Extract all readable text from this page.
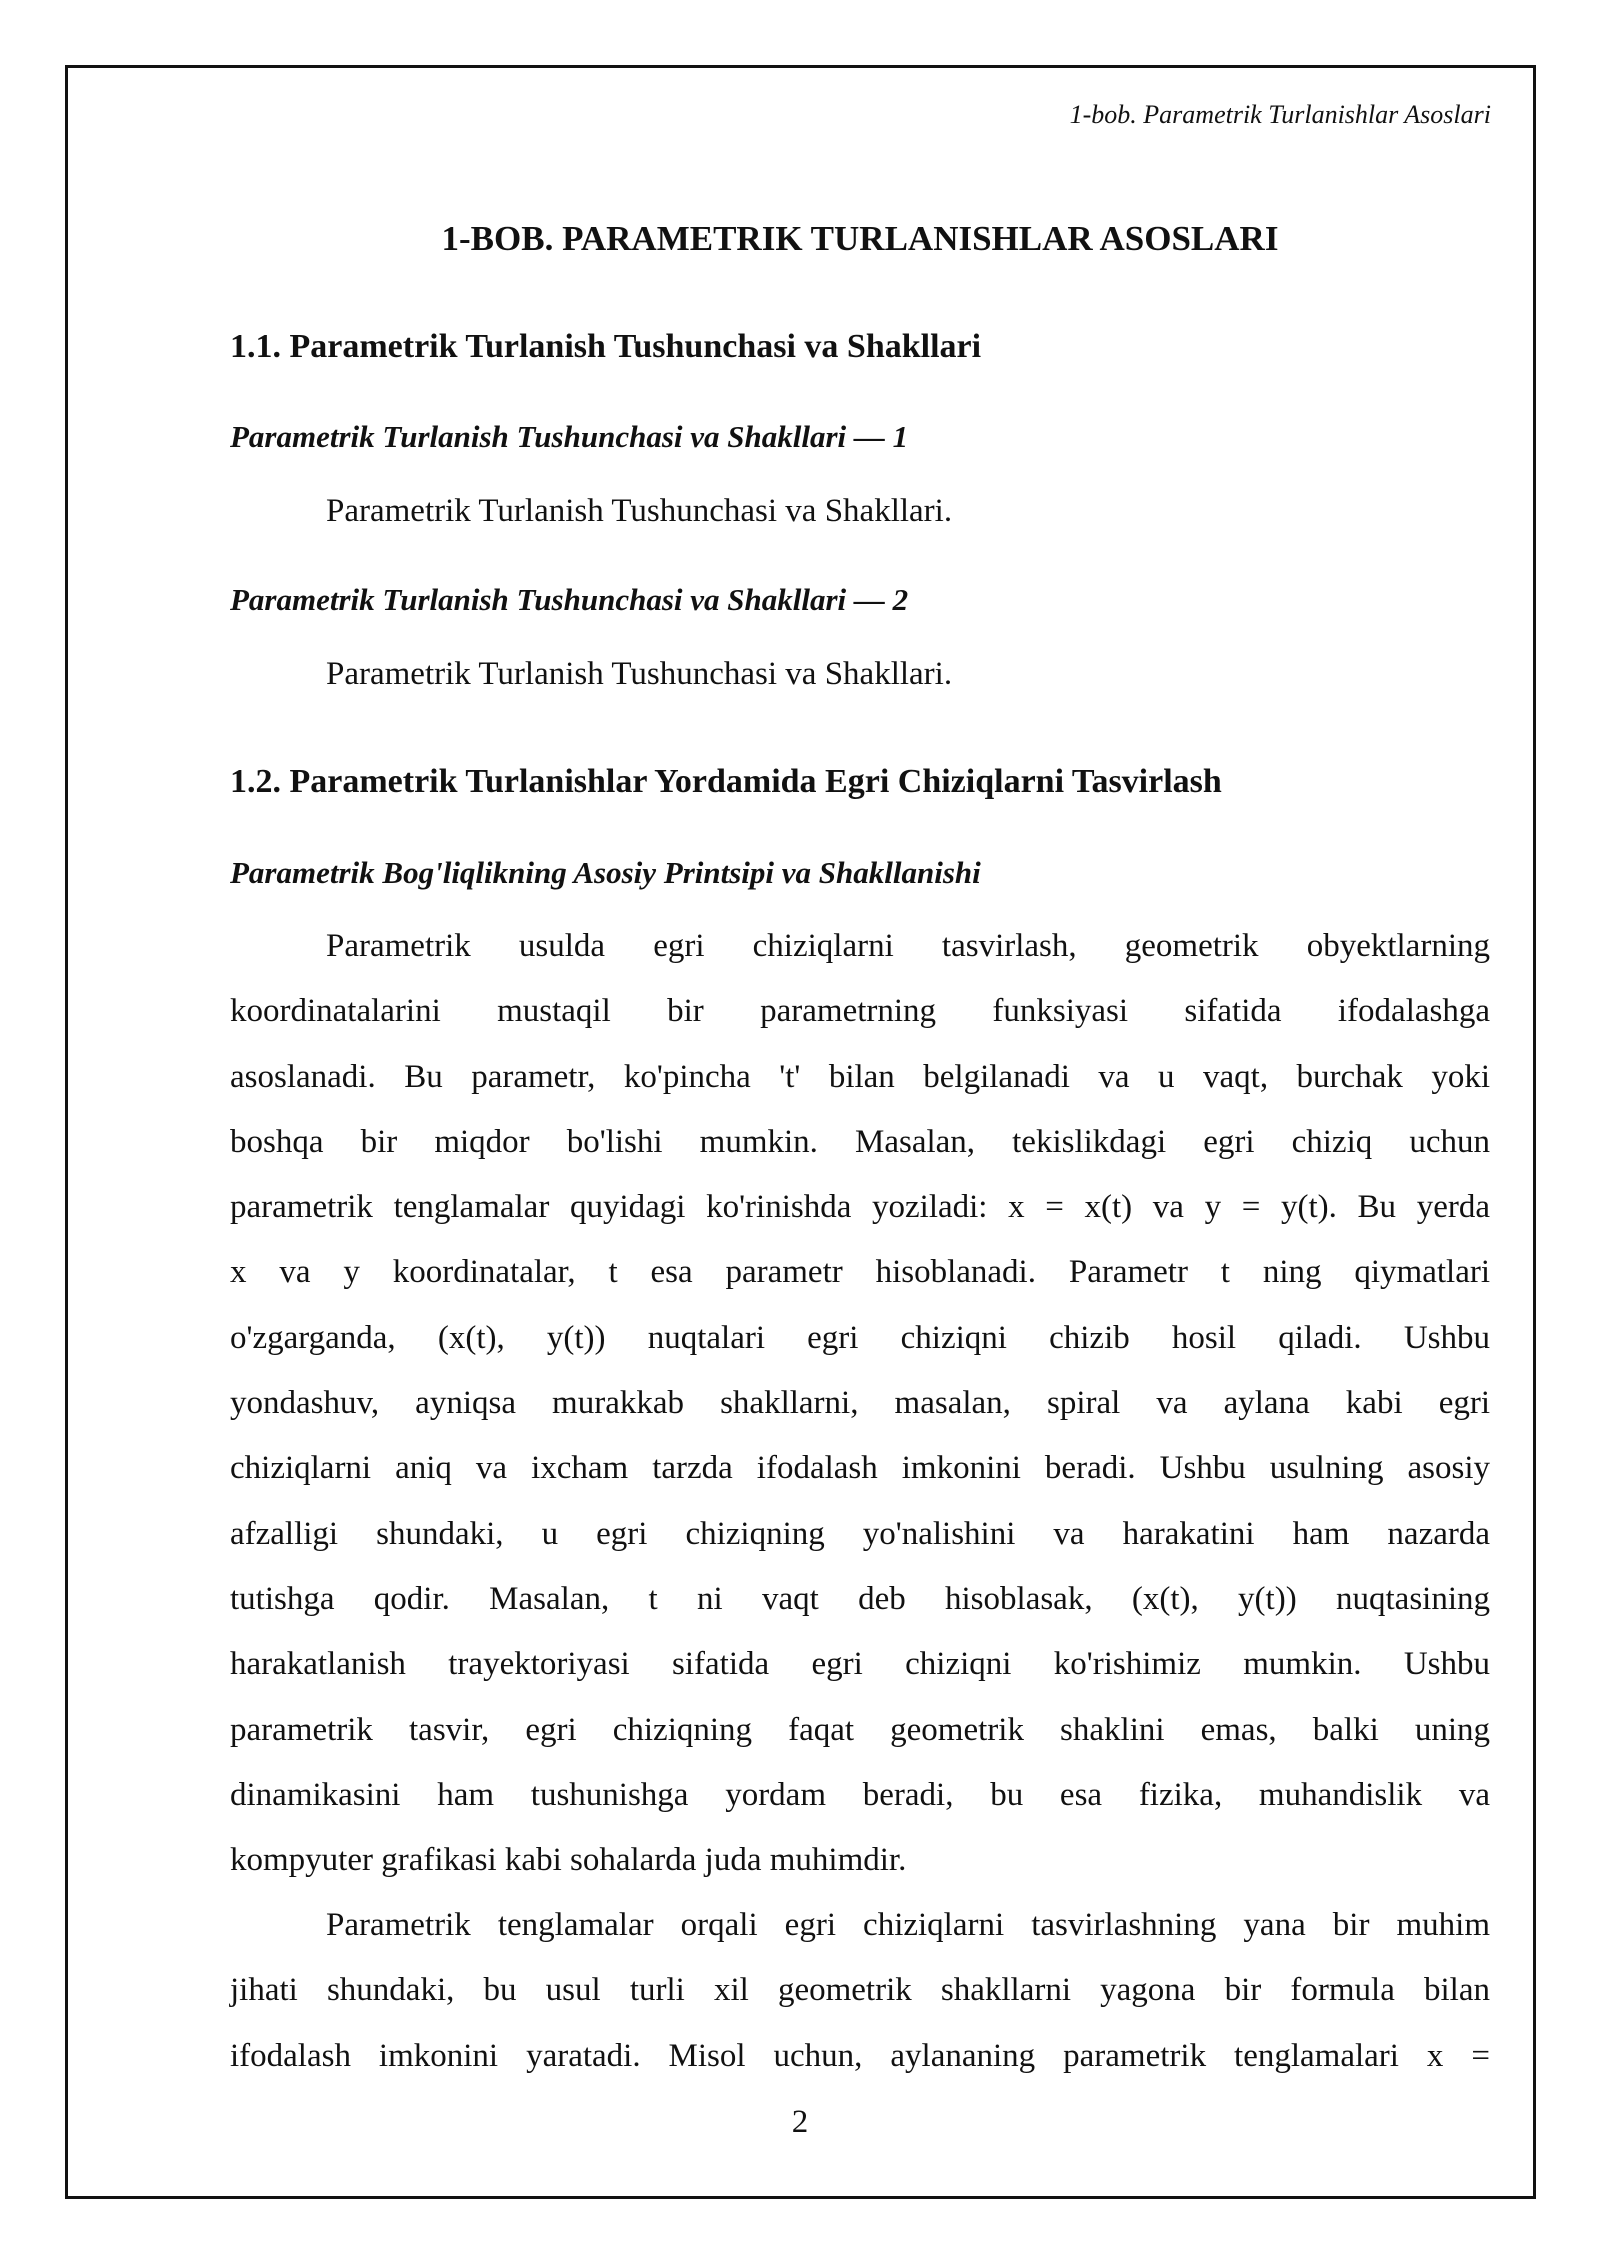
1-bob. Parametrik Turlanishlar Asoslari
1-BOB. PARAMETRIK TURLANISHLAR ASOSLARI
1.1. Parametrik Turlanish Tushunchasi va Shakllari
Parametrik Turlanish Tushunchasi va Shakllari — 1

Parametrik Turlanish Tushunchasi va Shakllari.

Parametrik Turlanish Tushunchasi va Shakllari — 2

Parametrik Turlanish Tushunchasi va Shakllari.

1.2. Parametrik Turlanishlar Yordamida Egri Chiziqlarni Tasvirlash
Parametrik Bog'liqlikning Asosiy Printsipi va Shakllanishi
Parametrik usulda egri chiziqlarni tasvirlash, geometrik obyektlarning
koordinatalarini mustaqil bir parametrning funksiyasi sifatida ifodalashga
asoslanadi. Bu parametr, ko'pincha 't' bilan belgilanadi va u vaqt, burchak yoki
boshqa bir miqdor bo'lishi mumkin. Masalan, tekislikdagi egri chiziq uchun
parametrik tenglamalar quyidagi ko'rinishda yoziladi: x = x(t) va y = y(t). Bu yerda
x va y koordinatalar, t esa parametr hisoblanadi. Parametr t ning qiymatlari
o'zgarganda, (x(t), y(t)) nuqtalari egri chiziqni chizib hosil qiladi. Ushbu
yondashuv, ayniqsa murakkab shakllarni, masalan, spiral va aylana kabi egri
chiziqlarni aniq va ixcham tarzda ifodalash imkonini beradi. Ushbu usulning asosiy
afzalligi shundaki, u egri chiziqning yo'nalishini va harakatini ham nazarda
tutishga qodir. Masalan, t ni vaqt deb hisoblasak, (x(t), y(t)) nuqtasining
harakatlanish trayektoriyasi sifatida egri chiziqni ko'rishimiz mumkin. Ushbu
parametrik tasvir, egri chiziqning faqat geometrik shaklini emas, balki uning
dinamikasini ham tushunishga yordam beradi, bu esa fizika, muhandislik va
kompyuter grafikasi kabi sohalarda juda muhimdir.
Parametrik tenglamalar orqali egri chiziqlarni tasvirlashning yana bir muhim
jihati shundaki, bu usul turli xil geometrik shakllarni yagona bir formula bilan
ifodalash imkonini yaratadi. Misol uchun, aylananing parametrik tenglamalari x =
2
